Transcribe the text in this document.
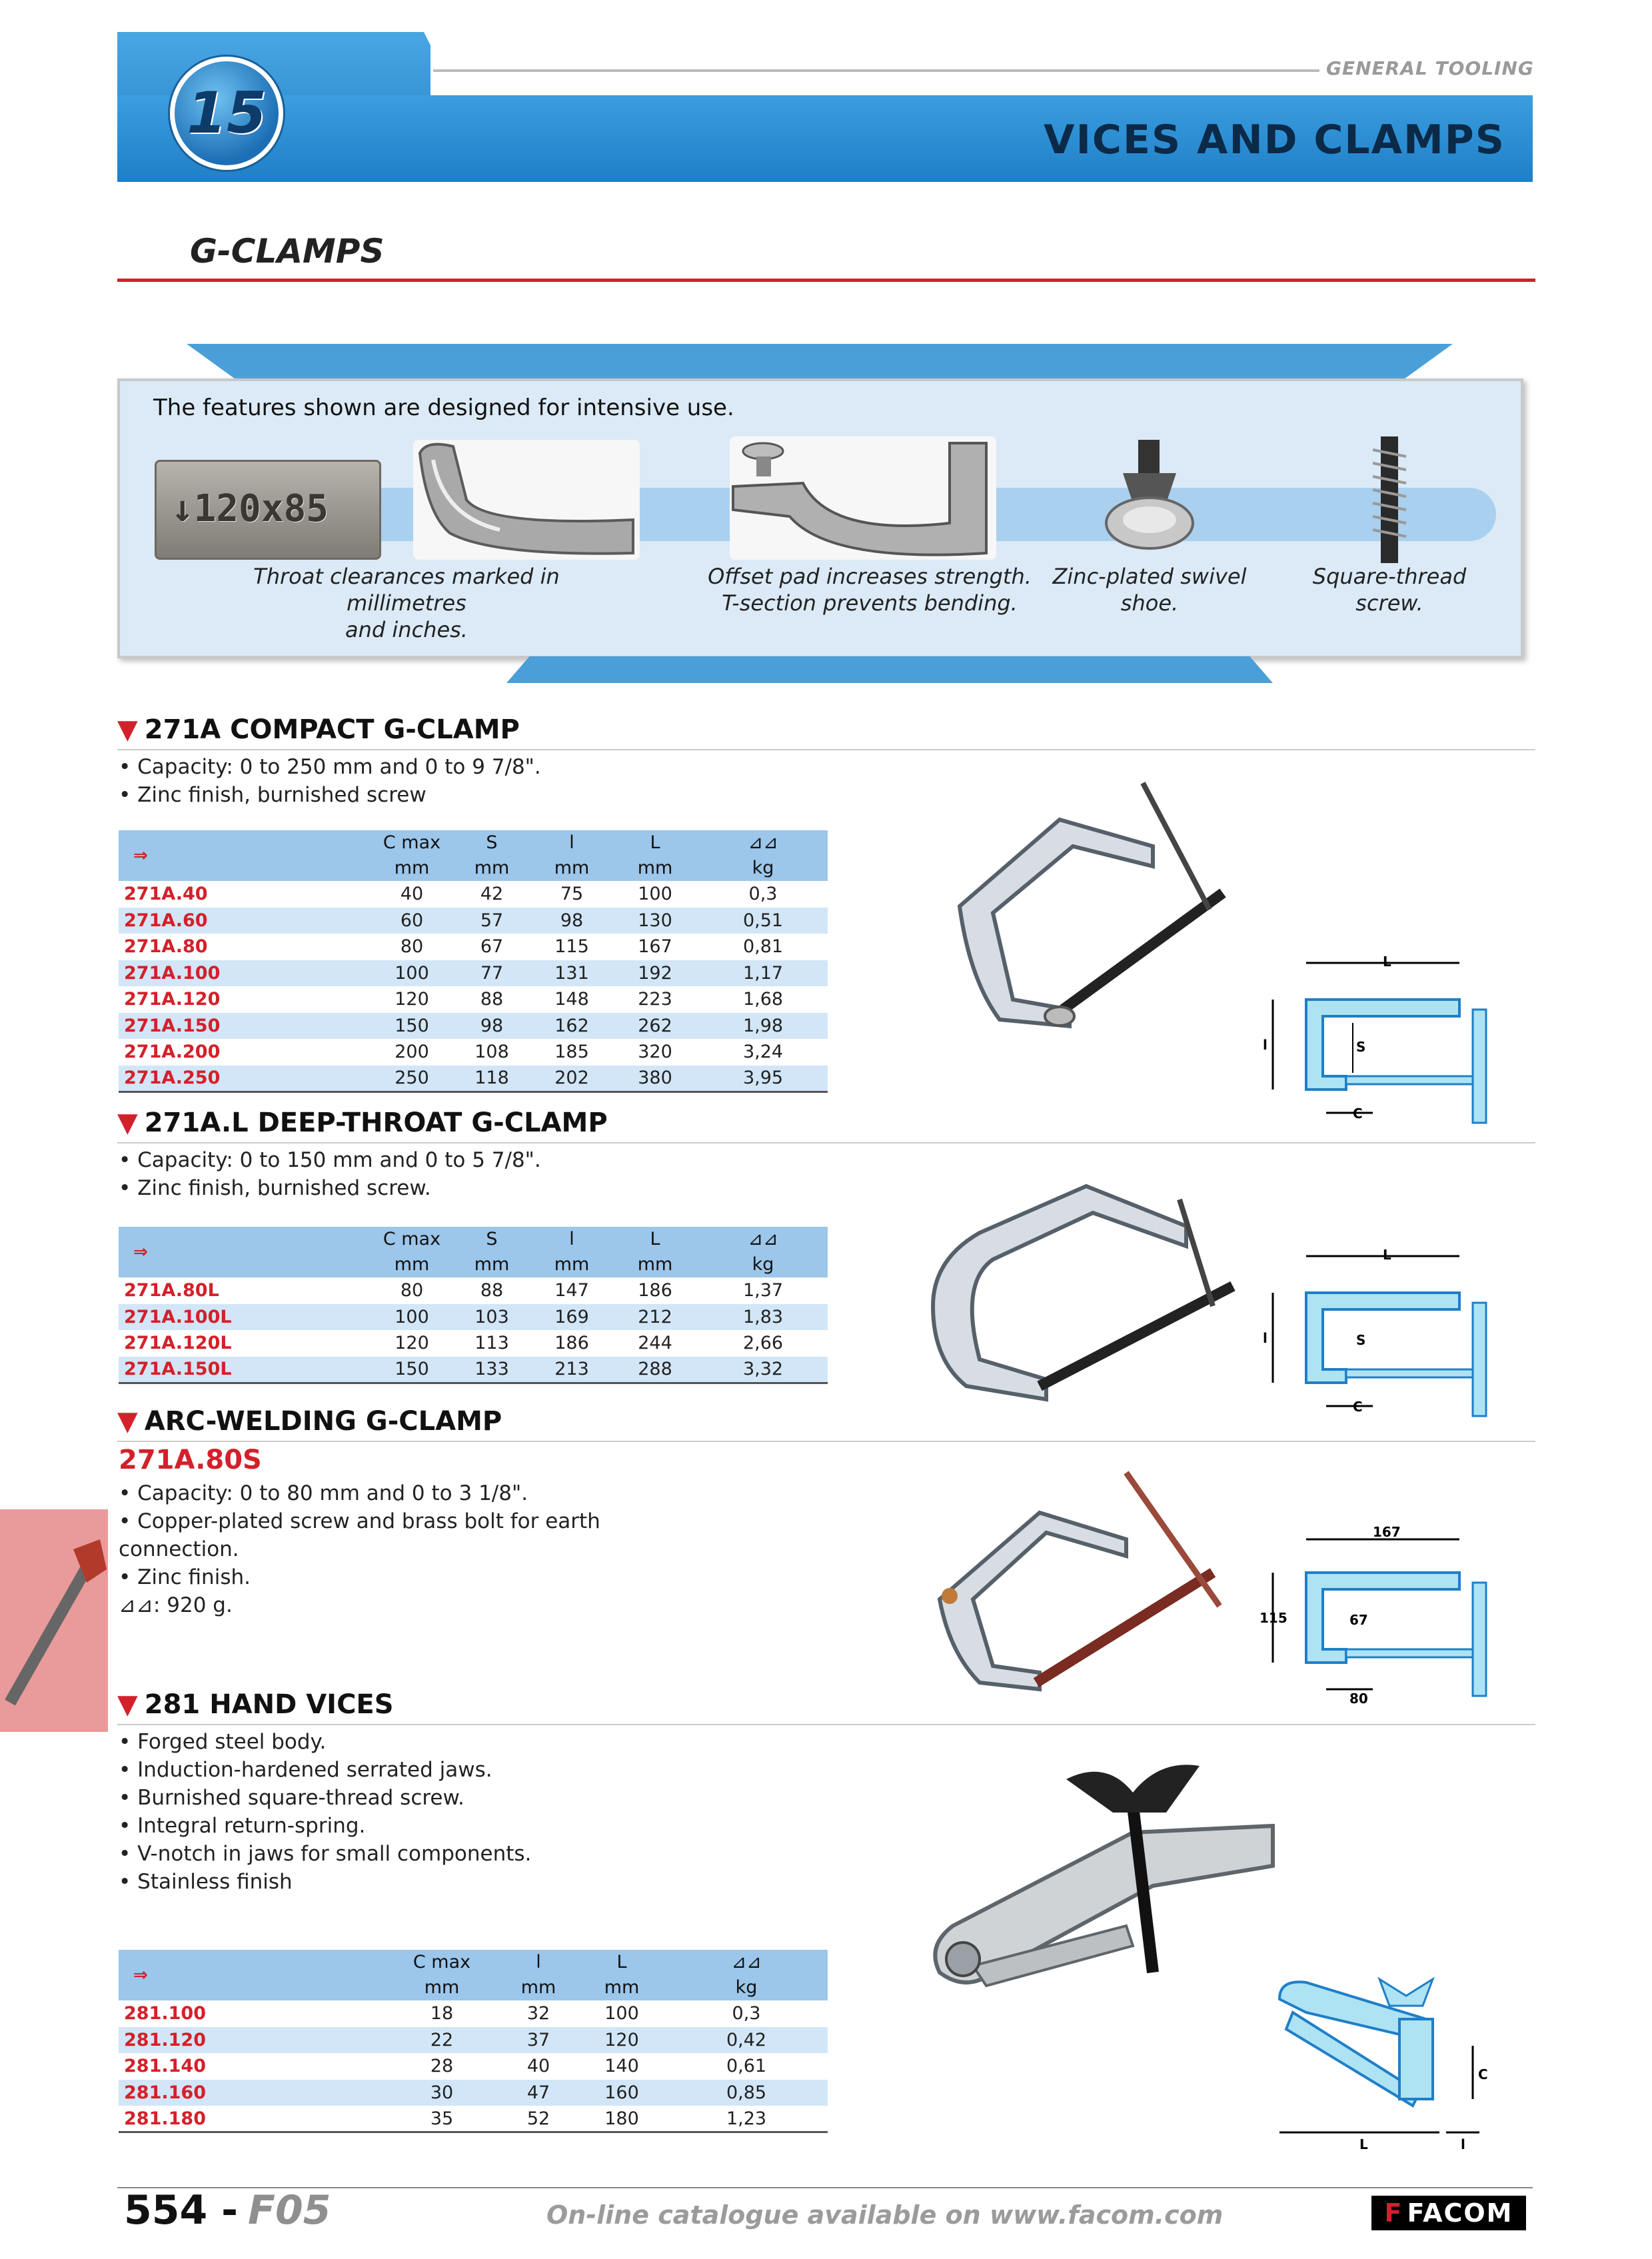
GENERAL TOOLING
15	VICES AND CLAMPS
G-CLAMPS
The features shown are designed for intensive use.
↓120x85
Throat clearances marked in millimetres
and inches.
Offset pad increases strength.
T-section prevents bending.
Zinc-plated swivel
shoe.
Square-thread
screw.
▼ 271A COMPACT G-CLAMP
• Capacity: 0 to 250 mm and 0 to 9 7/8".
• Zinc finish, burnished screw
⇒	C max	S	l	L	⊿⊿
	mm	mm	mm	mm	kg
271A.40	40	42	75	100	0,3
271A.60	60	57	98	130	0,51
271A.80	80	67	115	167	0,81
271A.100	100	77	131	192	1,17
271A.120	120	88	148	223	1,68
271A.150	150	98	162	262	1,98
271A.200	200	108	185	320	3,24
271A.250	250	118	202	380	3,95
L
l	S
C
▼ 271A.L DEEP-THROAT G-CLAMP
• Capacity: 0 to 150 mm and 0 to 5 7/8".
• Zinc finish, burnished screw.
⇒	C max	S	l	L	⊿⊿
	mm	mm	mm	mm	kg
271A.80L	80	88	147	186	1,37
271A.100L	100	103	169	212	1,83
271A.120L	120	113	186	244	2,66
271A.150L	150	133	213	288	3,32
L
l	S
C
▼ ARC-WELDING G-CLAMP
271A.80S
• Capacity: 0 to 80 mm and 0 to 3 1/8".
• Copper-plated screw and brass bolt for earth
connection.
• Zinc finish.
⊿⊿: 920 g.
167
115	67
80
▼ 281 HAND VICES
• Forged steel body.
• Induction-hardened serrated jaws.
• Burnished square-thread screw.
• Integral return-spring.
• V-notch in jaws for small components.
• Stainless finish
⇒	C max	l	L	⊿⊿
	mm	mm	mm	kg
281.100	18	32	100	0,3
281.120	22	37	120	0,42
281.140	28	40	140	0,61
281.160	30	47	160	0,85
281.180	35	52	180	1,23
L	l
C
554 - F05	On-line catalogue available on www.facom.com	F FACOM
